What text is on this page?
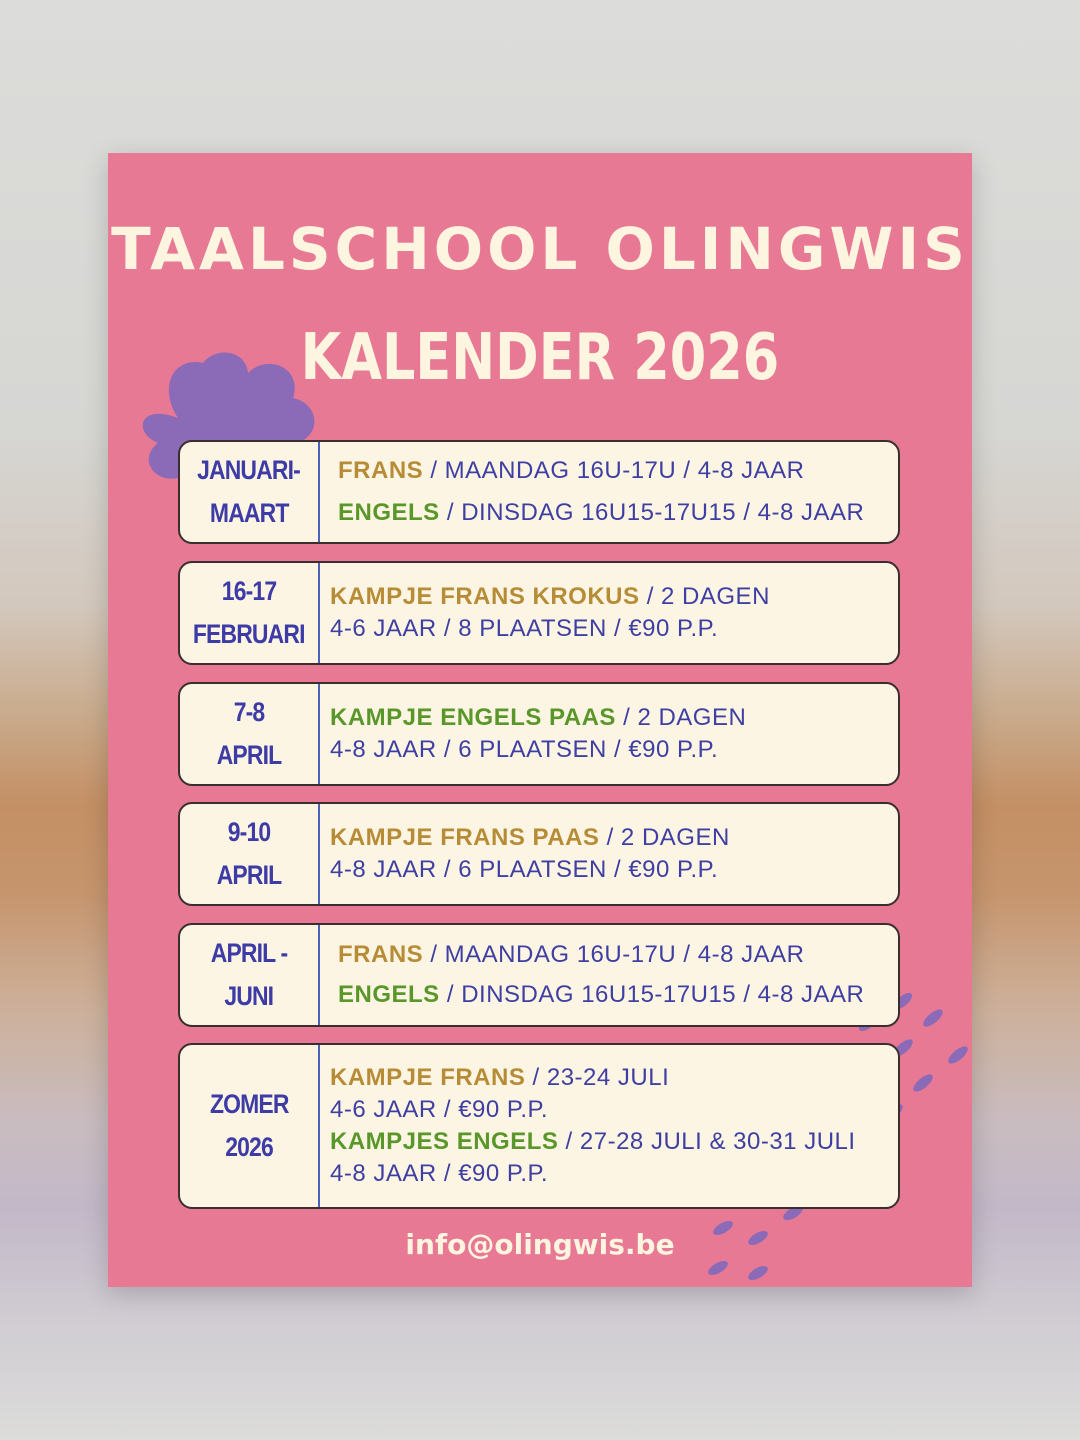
TAALSCHOOL OLINGWIS
KALENDER 2026
JANUARI-
MAART
FRANS / MAANDAG 16U-17U / 4-8 JAAR
ENGELS / DINSDAG 16U15-17U15 / 4-8 JAAR
16-17
FEBRUARI
KAMPJE FRANS KROKUS / 2 DAGEN
4-6 JAAR / 8 PLAATSEN / €90 P.P.
7-8
APRIL
KAMPJE ENGELS PAAS / 2 DAGEN
4-8 JAAR / 6 PLAATSEN / €90 P.P.
9-10
APRIL
KAMPJE FRANS PAAS / 2 DAGEN
4-8 JAAR / 6 PLAATSEN / €90 P.P.
APRIL -
JUNI
FRANS / MAANDAG 16U-17U / 4-8 JAAR
ENGELS / DINSDAG 16U15-17U15 / 4-8 JAAR
ZOMER
2026
KAMPJE FRANS / 23-24 JULI
4-6 JAAR / €90 P.P.
KAMPJES ENGELS / 27-28 JULI & 30-31 JULI
4-8 JAAR / €90 P.P.
info@olingwis.be
